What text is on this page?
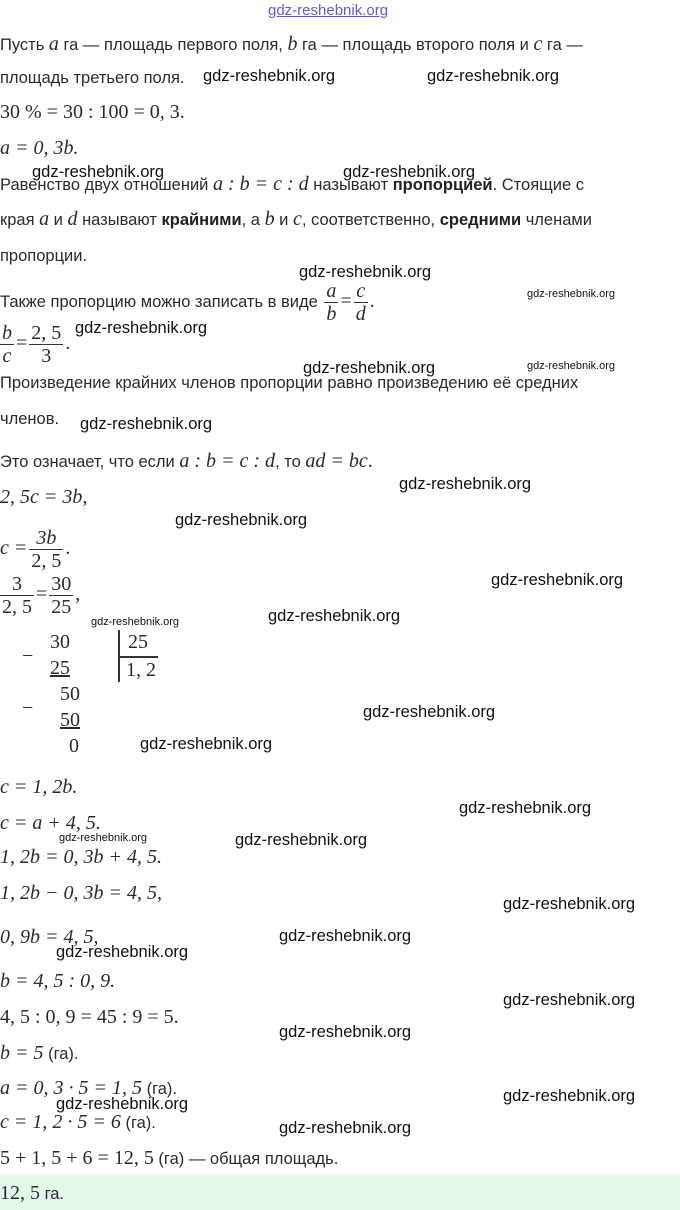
Пусть a га — площадь первого поля, b га — площадь второго поля и c га —
площадь третьего поля.
30 % = 30 : 100 = 0, 3.
a = 0, 3b.
Равенство двух отношений a : b = c : d называют пропорцией. Стоящие с
края a и d называют крайними, а b и c, соответственно, средними членами
пропорции.
Также пропорцию можно записать в виде $\frac{a}{b} = \frac{c}{d}$ .
$\frac{b}{c} = \frac{2, 5}{3}$ .
Произведение крайних членов пропорции равно произведению её средних
членов.
Это означает, что если a : b = c : d, то ad = bc.
2, 5c = 3b,
$c = \frac{3b}{2, 5}$ .
$\frac{3}{2, 5} = \frac{30}{25}$ ,
−
30
25
25
1, 2
−
50
50
0
c = 1, 2b.
c = a + 4, 5.
1, 2b = 0, 3b + 4, 5.
1, 2b − 0, 3b = 4, 5,
0, 9b = 4, 5,
b = 4, 5 : 0, 9.
4, 5 : 0, 9 = 45 : 9 = 5.
b = 5 (га).
a = 0, 3 · 5 = 1, 5 (га).
c = 1, 2 · 5 = 6 (га).
5 + 1, 5 + 6 = 12, 5 (га) — общая площадь.
12, 5 га.
gdz-reshebnik.org
gdz-reshebnik.org	gdz-reshebnik.org
gdz-reshebnik.org	gdz-reshebnik.org
gdz-reshebnik.org
gdz-reshebnik.org
gdz-reshebnik.org
gdz-reshebnik.org	gdz-reshebnik.org
gdz-reshebnik.org
gdz-reshebnik.org
gdz-reshebnik.org
gdz-reshebnik.org
gdz-reshebnik.org
gdz-reshebnik.org
gdz-reshebnik.org
gdz-reshebnik.org
gdz-reshebnik.org
gdz-reshebnik.org	gdz-reshebnik.org
gdz-reshebnik.org
gdz-reshebnik.org
gdz-reshebnik.org
gdz-reshebnik.org
gdz-reshebnik.org
gdz-reshebnik.org
gdz-reshebnik.org
gdz-reshebnik.org
